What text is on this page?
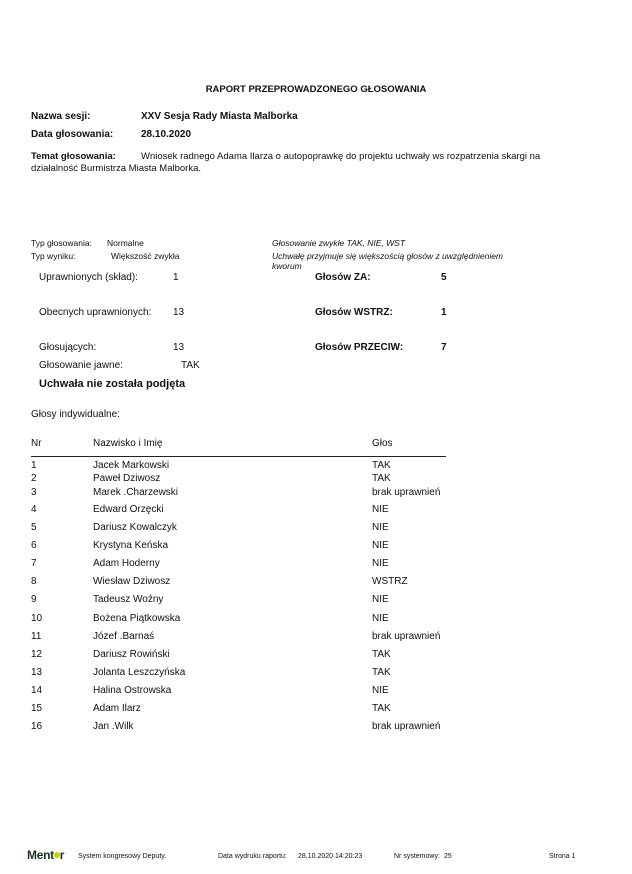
RAPORT PRZEPROWADZONEGO GŁOSOWANIA
Nazwa sesji:	XXV Sesja Rady Miasta Malborka
Data głosowania:	28.10.2020
Temat głosowania:	Wniosek radnego Adama Ilarza o autopoprawkę do projektu uchwały ws rozpatrzenia skargi na
działalność Burmistrza Miasta Malborka.
Typ głosowania: Normalne
Typ wyniku:	Większość zwykła
Głosowanie zwykłe TAK, NIE, WST
Uchwałę przyjmuje się większością głosów z uwzględnieniem
kworum
Uprawnionych (skład):	1
Obecnych uprawnionych: 13
Głosujących:	13
Głosowanie jawne:	TAK
Głosów ZA:	5
Głosów WSTRZ:	1
Głosów PRZECIW:	7
Uchwała nie została podjęta
Głosy indywidualne:
Nr	Nazwisko i Imię	Głos
1	Jacek Markowski	TAK
2	Paweł Dziwosz	TAK
3	Marek .Charzewski	brak uprawnień
4	Edward Orzęcki	NIE
5	Dariusz Kowalczyk	NIE
6	Krystyna Keńska	NIE
7	Adam Hoderny	NIE
8	Wiesław Dziwosz	WSTRZ
9	Tadeusz Woźny	NIE
10	Bożena Piątkowska	NIE
11	Józef .Barnaś	brak uprawnień
12	Dariusz Rowiński	TAK
13	Jolanta Leszczyńska	TAK
14	Halina Ostrowska	NIE
15	Adam Ilarz	TAK
16	Jan .Wilk	brak uprawnień
Ment r System kongresowy Deputy.	Data wydruku raportu: 28.10.2020 14:20:23	Nr systemowy: 25	Strona 1
